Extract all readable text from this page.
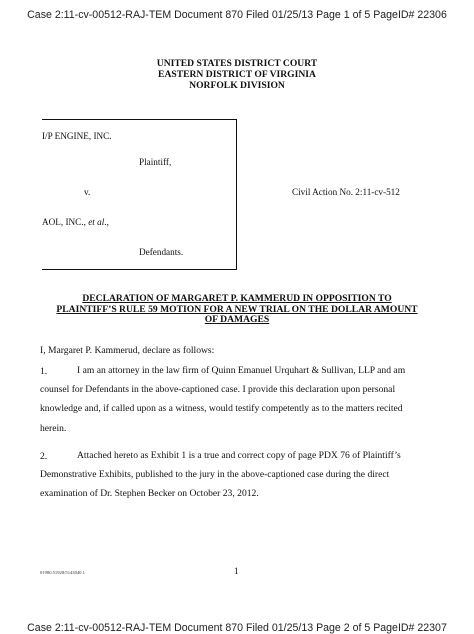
Case 2:11-cv-00512-RAJ-TEM Document 870 Filed 01/25/13 Page 1 of 5 PageID# 22306
UNITED STATES DISTRICT COURT
EASTERN DISTRICT OF VIRGINIA
NORFOLK DIVISION
I/P ENGINE, INC.
Plaintiff,
v.
AOL, INC., et al.,
Defendants.
Civil Action No. 2:11-cv-512
DECLARATION OF MARGARET P. KAMMERUD IN OPPOSITION TO
PLAINTIFF’S RULE 59 MOTION FOR A NEW TRIAL ON THE DOLLAR AMOUNT
OF DAMAGES
I, Margaret P. Kammerud, declare as follows:
1.	I am an attorney in the law firm of Quinn Emanuel Urquhart & Sullivan, LLP and am
counsel for Defendants in the above-captioned case. I provide this declaration upon personal
knowledge and, if called upon as a witness, would testify competently as to the matters recited
herein.
2.	Attached hereto as Exhibit 1 is a true and correct copy of page PDX 76 of Plaintiff’s
Demonstrative Exhibits, published to the jury in the above-captioned case during the direct
examination of Dr. Stephen Becker on October 23, 2012.
01980.51928/5143040.1	1
Case 2:11-cv-00512-RAJ-TEM Document 870 Filed 01/25/13 Page 2 of 5 PageID# 22307
